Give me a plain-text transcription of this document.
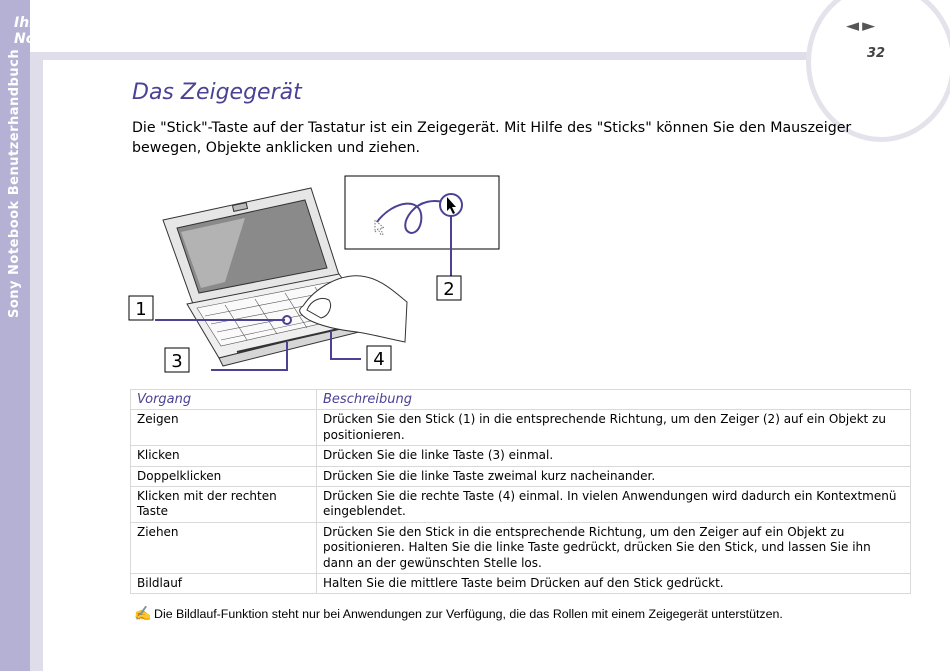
Ihr Notebook
Sony Notebook Benutzerhandbuch
◄►
32
Das Zeigegerät

Die "Stick"-Taste auf der Tastatur ist ein Zeigegerät. Mit Hilfe des "Sticks" können Sie den Mauszeiger bewegen, Objekte anklicken und ziehen.

1
2
3	4
Vorgang	Beschreibung
Zeigen	Drücken Sie den Stick (1) in die entsprechende Richtung, um den Zeiger (2) auf ein Objekt zu positionieren.
Klicken	Drücken Sie die linke Taste (3) einmal.
Doppelklicken	Drücken Sie die linke Taste zweimal kurz nacheinander.
Klicken mit der rechten Taste	Drücken Sie die rechte Taste (4) einmal. In vielen Anwendungen wird dadurch ein Kontextmenü eingeblendet.
Ziehen	Drücken Sie den Stick in die entsprechende Richtung, um den Zeiger auf ein Objekt zu positionieren. Halten Sie die linke Taste gedrückt, drücken Sie den Stick, und lassen Sie ihn dann an der gewünschten Stelle los.
Bildlauf	Halten Sie die mittlere Taste beim Drücken auf den Stick gedrückt.
✍ Die Bildlauf-Funktion steht nur bei Anwendungen zur Verfügung, die das Rollen mit einem Zeigegerät unterstützen.
